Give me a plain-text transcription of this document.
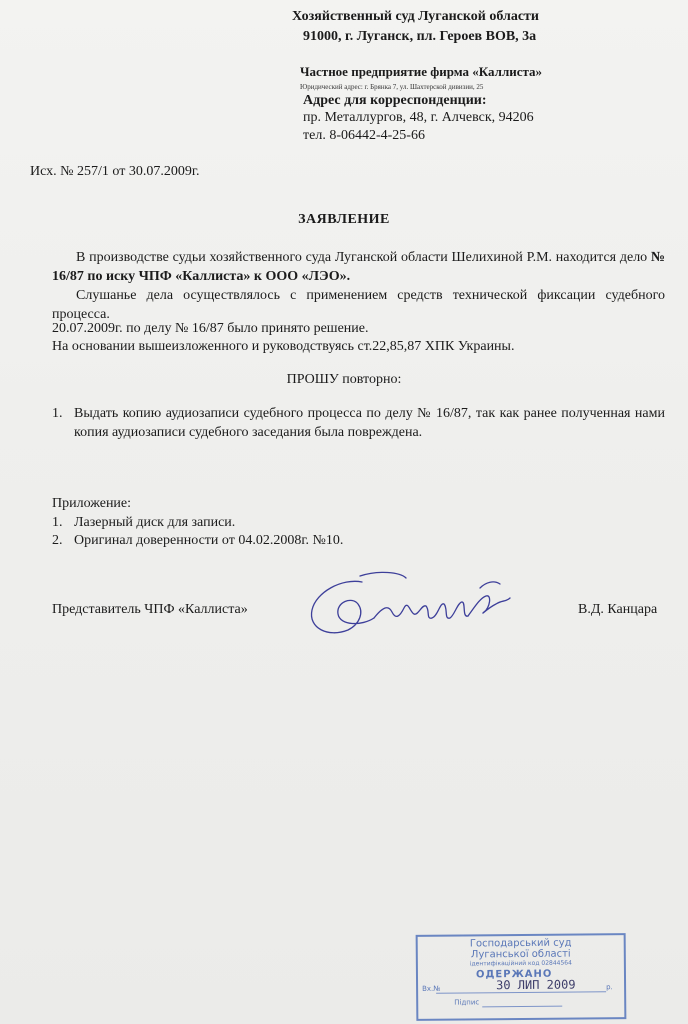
Хозяйственный суд Луганской области
91000, г. Луганск, пл. Героев ВОВ, 3а
Частное предприятие фирма «Каллиста»
Юридический адрес: г. Брянка 7, ул. Шахтерской дивизии, 25
Адрес для корреспонденции:
пр. Металлургов, 48, г. Алчевск, 94206
тел. 8-06442-4-25-66
Исх. № 257/1 от 30.07.2009г.
ЗАЯВЛЕНИЕ
В производстве судьи хозяйственного суда Луганской области Шелихиной Р.М. находится дело № 16/87 по иску ЧПФ «Каллиста» к ООО «ЛЭО».
Слушанье дела осуществлялось с применением средств технической фиксации судебного процесса.
20.07.2009г. по делу № 16/87 было принято решение.
На основании вышеизложенного и руководствуясь ст.22,85,87 ХПК Украины.
ПРОШУ повторно:
1. Выдать копию аудиозаписи судебного процесса по делу № 16/87, так как ранее полученная нами копия аудиозаписи судебного заседания была повреждена.
Приложение:
1. Лазерный диск для записи.
2. Оригинал доверенности от 04.02.2008г. №10.
Представитель ЧПФ «Каллиста»	В.Д. Канцара
Господарський суд
Луганської області
ідентифікаційний код 02844564
ОДЕРЖАНО
30 ЛИП 2009
Вх.№	р.
Підпис
